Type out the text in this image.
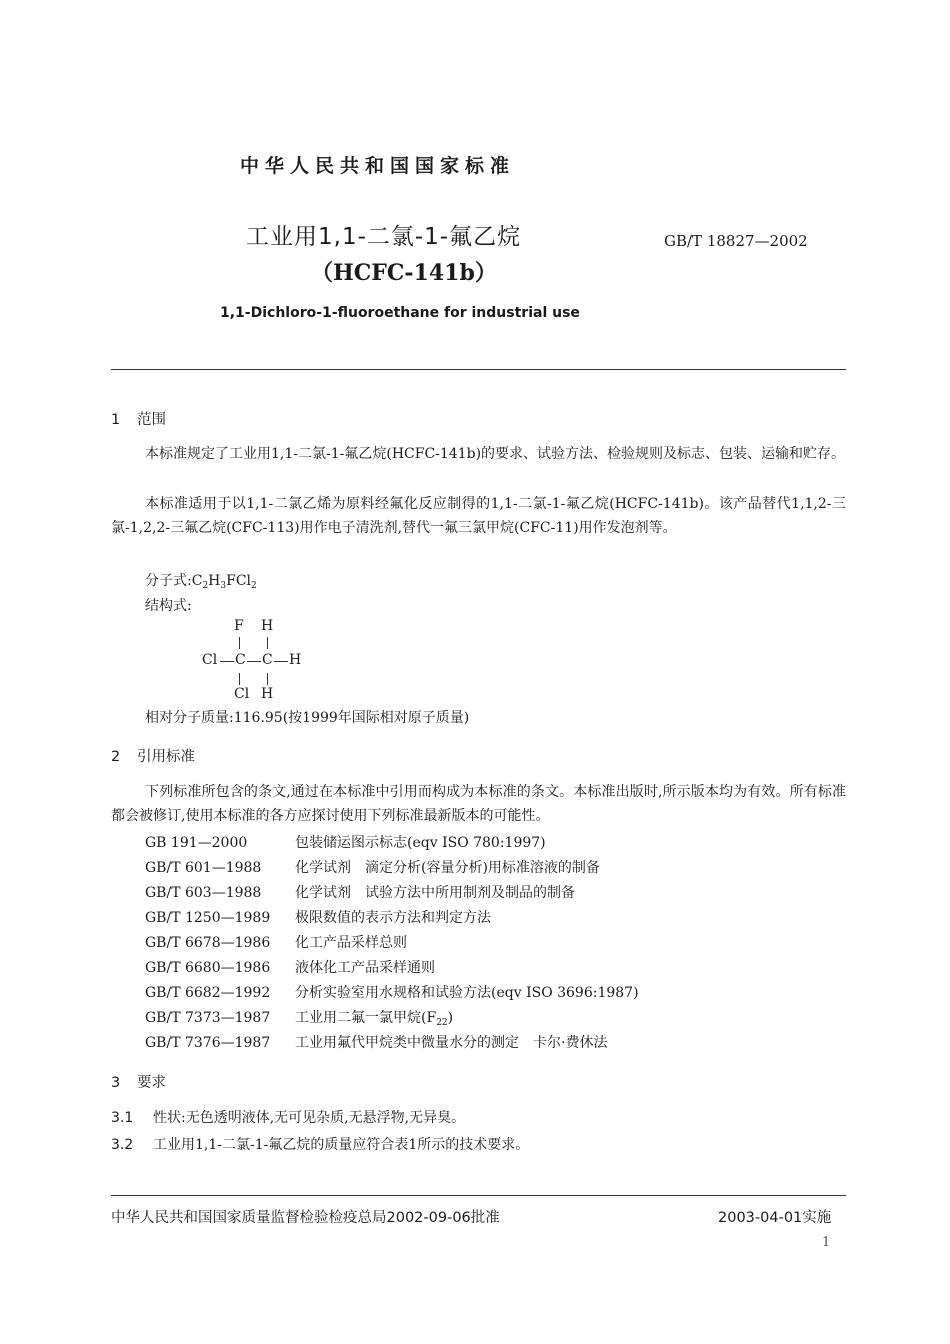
中华人民共和国国家标准
工业用1,1-二氯-1-氟乙烷
（HCFC-141b）
GB/T 18827—2002
1,1-Dichloro-1-fluoroethane for industrial use
1 范围
本标准规定了工业用1,1-二氯-1-氟乙烷(HCFC-141b)的要求、试验方法、检验规则及标志、包装、运输和贮存。
本标准适用于以1,1-二氯乙烯为原料经氟化反应制得的1,1-二氯-1-氟乙烷(HCFC-141b)。该产品替代1,1,2-三氯-1,2,2-三氟乙烷(CFC-113)用作电子清洗剂,替代一氟三氯甲烷(CFC-11)用作发泡剂等。
分子式$:C_2H_3FCl_2$
结构式:
F H
Cl C C H
Cl H
相对分子质量:116.95(按1999年国际相对原子质量)
2 引用标准
下列标准所包含的条文,通过在本标准中引用而构成为本标准的条文。本标准出版时,所示版本均为有效。所有标准都会被修订,使用本标准的各方应探讨使用下列标准最新版本的可能性。
GB 191—2000	包装储运图示标志(eqv ISO 780:1997)
GB/T 601—1988 化学试剂　滴定分析(容量分析)用标准溶液的制备
GB/T 603—1988 化学试剂　试验方法中所用制剂及制品的制备
GB/T 1250—1989 极限数值的表示方法和判定方法
GB/T 6678—1986 化工产品采样总则
GB/T 6680—1986 液体化工产品采样通则
GB/T 6682—1992 分析实验室用水规格和试验方法(eqv ISO 3696:1987)
GB/T 7373—1987 工业用二氟一氯甲烷$(F_{22})$
GB/T 7376—1987 工业用氟代甲烷类中微量水分的测定　卡尔·费休法
3 要求
3.1 性状:无色透明液体,无可见杂质,无悬浮物,无异臭。
3.2 工业用1,1-二氯-1-氟乙烷的质量应符合表1所示的技术要求。
中华人民共和国国家质量监督检验检疫总局2002-09-06批准	2003-04-01实施
1
